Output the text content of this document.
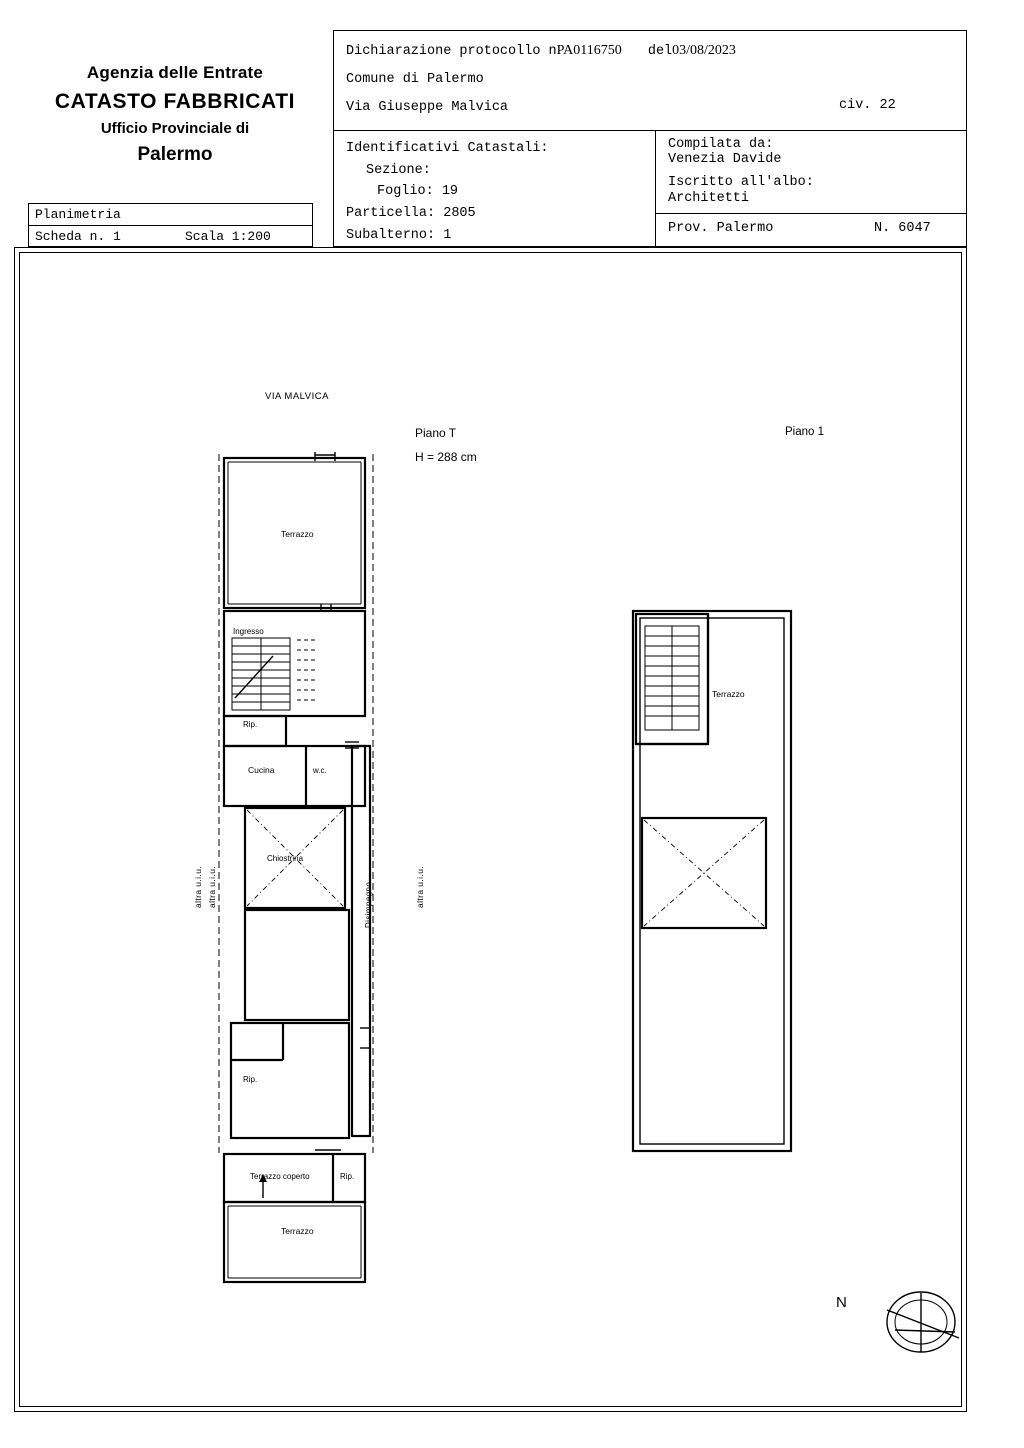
Agenzia delle Entrate
CATASTO FABBRICATI
Ufficio Provinciale di
Palermo
Planimetria
Scheda n. 1	Scala 1:200
Dichiarazione protocollo nPA0116750 del03/08/2023
Comune di Palermo
Via Giuseppe Malvica	civ. 22
Identificativi Catastali:
Sezione:
Foglio: 19
Particella: 2805
Subalterno: 1
Compilata da:
Venezia Davide
Iscritto all'albo:
Architetti
Prov. Palermo	N. 6047
VIA MALVICA
Piano T
H = 288 cm
Piano 1
Terrazzo
Ingresso
Rip.
Cucina	w.c.
Chiostrina
Rip.
Terrazzo coperto	Rip.
Terrazzo
Terrazzo
altra u.i.u. altra u.i.u.	altra u.i.u.
Disimpegno
N
